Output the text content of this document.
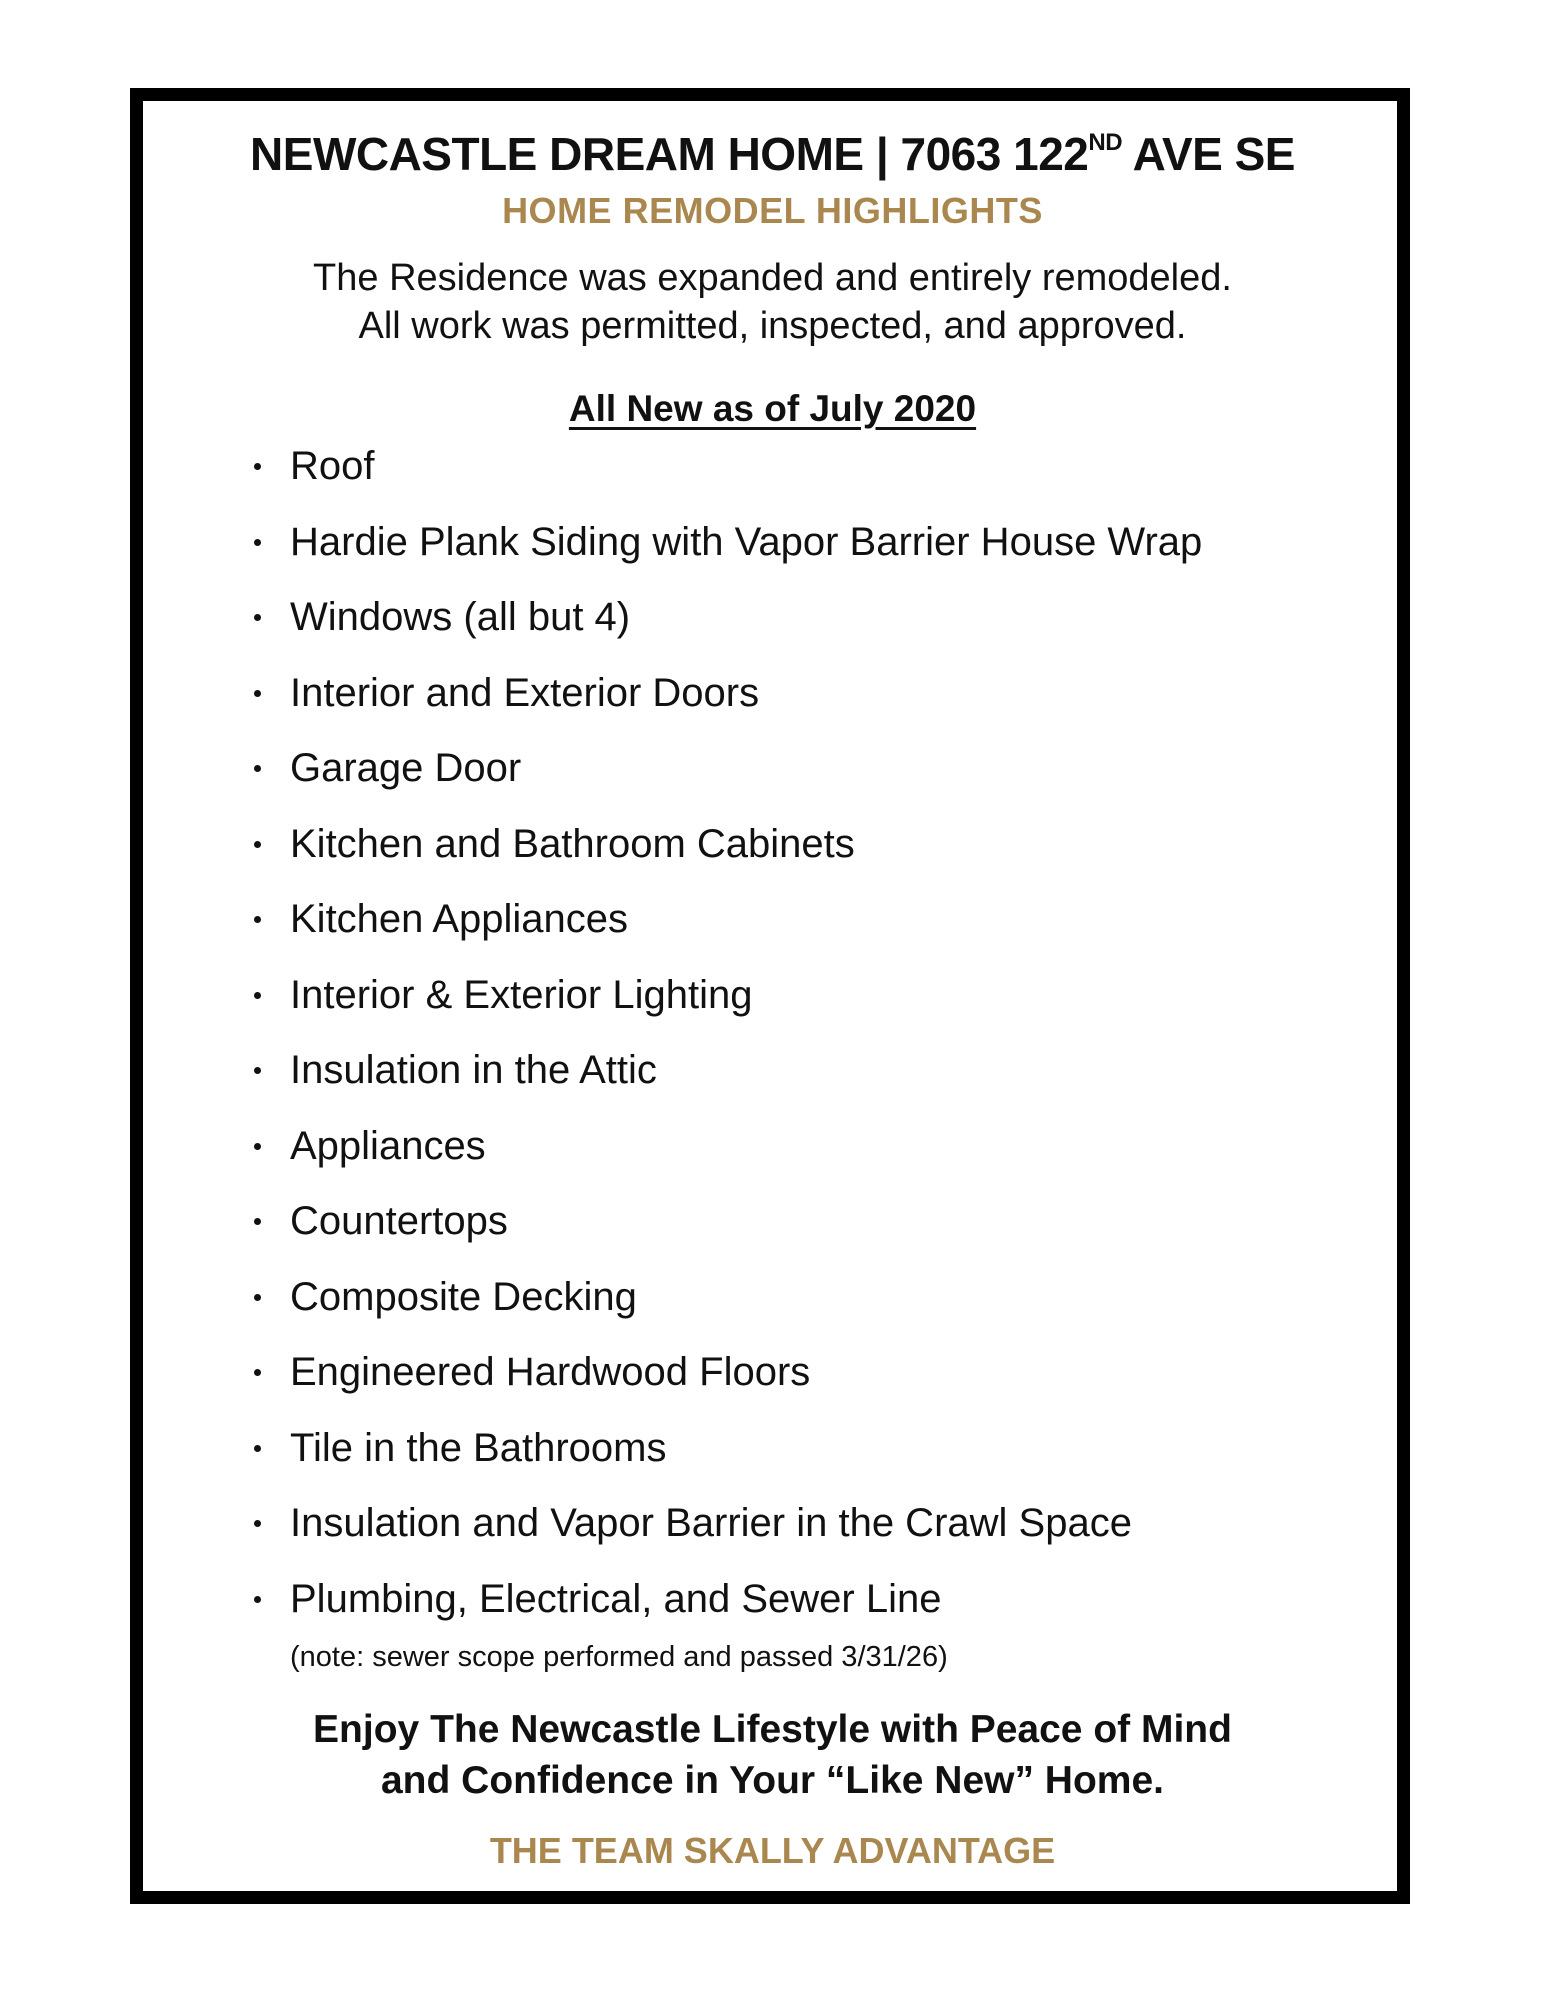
NEWCASTLE DREAM HOME | 7063 122ND AVE SE
HOME REMODEL HIGHLIGHTS
The Residence was expanded and entirely remodeled.
All work was permitted, inspected, and approved.
All New as of July 2020
Roof
Hardie Plank Siding with Vapor Barrier House Wrap
Windows (all but 4)
Interior and Exterior Doors
Garage Door
Kitchen and Bathroom Cabinets
Kitchen Appliances
Interior & Exterior Lighting
Insulation in the Attic
Appliances
Countertops
Composite Decking
Engineered Hardwood Floors
Tile in the Bathrooms
Insulation and Vapor Barrier in the Crawl Space
Plumbing, Electrical, and Sewer Line
(note: sewer scope performed and passed 3/31/26)
Enjoy The Newcastle Lifestyle with Peace of Mind
and Confidence in Your “Like New” Home.
THE TEAM SKALLY ADVANTAGE
